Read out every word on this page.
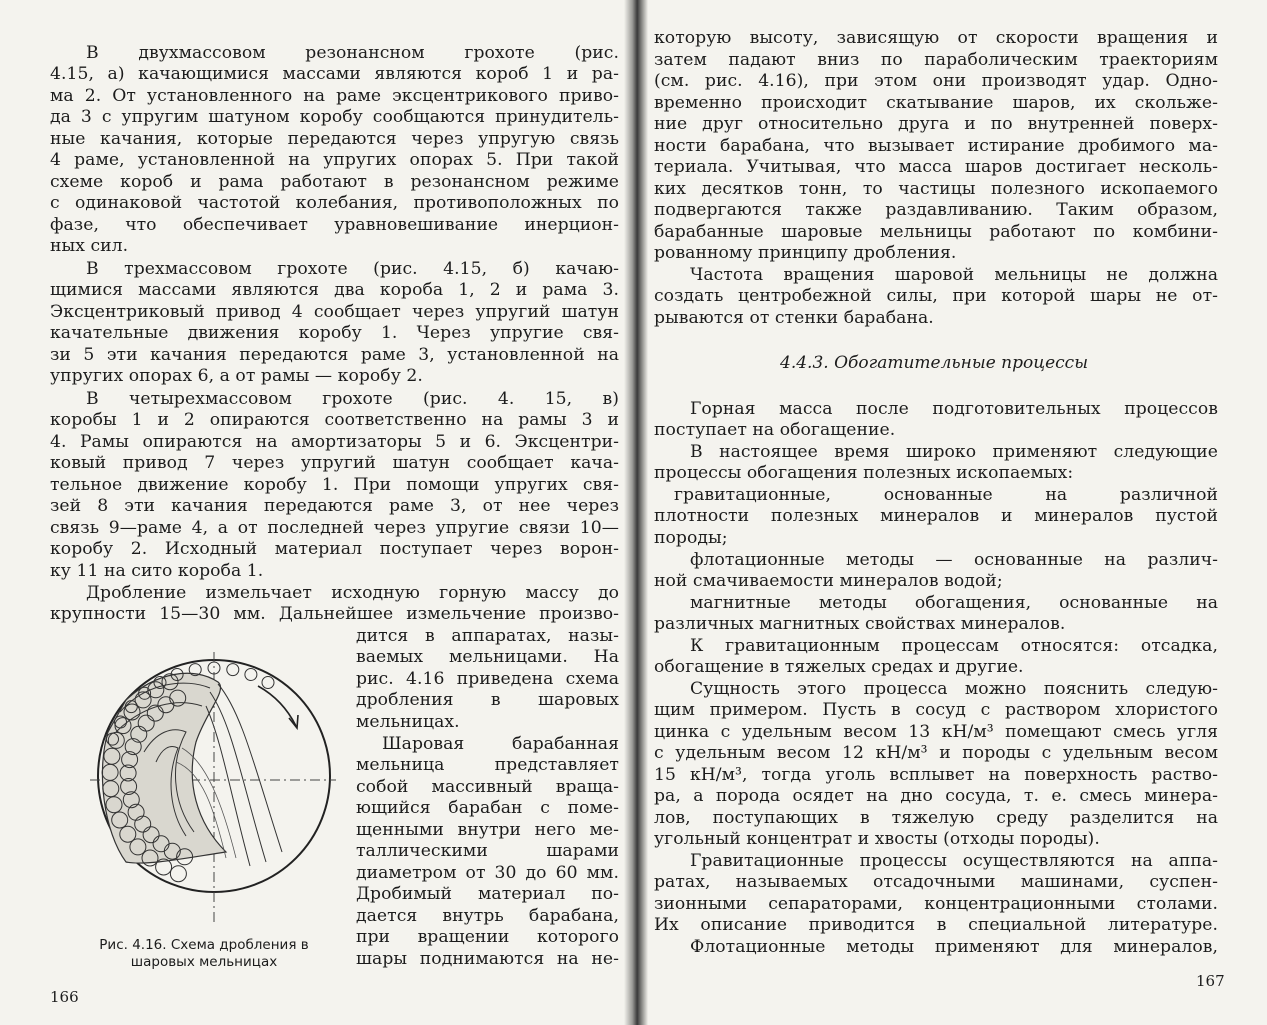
Рис. 4.16. Схема дробления в
шаровых мельницах
166
4.4.3. Обогатительные процессы
167
В двухмассовом резонансном грохоте (рис.
4.15, а) качающимися массами являются короб 1 и ра-
ма 2. От установленного на раме эксцентрикового приво-
да 3 с упругим шатуном коробу сообщаются принудитель-
ные качания, которые передаются через упругую связь
4 раме, установленной на упругих опорах 5. При такой
схеме короб и рама работают в резонансном режиме
с одинаковой частотой колебания, противоположных по
фазе, что обеспечивает уравновешивание инерцион-
ных сил.
В трехмассовом грохоте (рис. 4.15, б) качаю-
щимися массами являются два короба 1, 2 и рама 3.
Эксцентриковый привод 4 сообщает через упругий шатун
качательные движения коробу 1. Через упругие свя-
зи 5 эти качания передаются раме 3, установленной на
упругих опорах 6, а от рамы — коробу 2.
В четырехмассовом грохоте (рис. 4. 15, в)
коробы 1 и 2 опираются соответственно на рамы 3 и
4. Рамы опираются на амортизаторы 5 и 6. Эксцентри-
ковый привод 7 через упругий шатун сообщает кача-
тельное движение коробу 1. При помощи упругих свя-
зей 8 эти качания передаются раме 3, от нее через
связь 9—раме 4, а от последней через упругие связи 10—
коробу 2. Исходный материал поступает через ворон-
ку 11 на сито короба 1.
Дробление измельчает исходную горную массу до
крупности 15—30 мм. Дальнейшее измельчение произво-
дится в аппаратах, назы-
ваемых мельницами. На
рис. 4.16 приведена схема
дробления в шаровых
мельницах.
Шаровая барабанная
мельница представляет
собой массивный враща-
ющийся барабан с поме-
щенными внутри него ме-
таллическими шарами
диаметром от 30 до 60 мм.
Дробимый материал по-
дается внутрь барабана,
при вращении которого
шары поднимаются на не-
которую высоту, зависящую от скорости вращения и
затем падают вниз по параболическим траекториям
(см. рис. 4.16), при этом они производят удар. Одно-
временно происходит скатывание шаров, их скольже-
ние друг относительно друга и по внутренней поверх-
ности барабана, что вызывает истирание дробимого ма-
териала. Учитывая, что масса шаров достигает несколь-
ких десятков тонн, то частицы полезного ископаемого
подвергаются также раздавливанию. Таким образом,
барабанные шаровые мельницы работают по комбини-
рованному принципу дробления.
Частота вращения шаровой мельницы не должна
создать центробежной силы, при которой шары не от-
рываются от стенки барабана.
Горная масса после подготовительных процессов
поступает на обогащение.
В настоящее время широко применяют следующие
процессы обогащения полезных ископаемых:
гравитационные, основанные на различной
плотности полезных минералов и минералов пустой
породы;
флотационные методы — основанные на различ-
ной смачиваемости минералов водой;
магнитные методы обогащения, основанные на
различных магнитных свойствах минералов.
К гравитационным процессам относятся: отсадка,
обогащение в тяжелых средах и другие.
Сущность этого процесса можно пояснить следую-
щим примером. Пусть в сосуд с раствором хлористого
цинка с удельным весом 13 кН/м³ помещают смесь угля
с удельным весом 12 кН/м³ и породы с удельным весом
15 кН/м³, тогда уголь всплывет на поверхность раство-
ра, а порода осядет на дно сосуда, т. е. смесь минера-
лов, поступающих в тяжелую среду разделится на
угольный концентрат и хвосты (отходы породы).
Гравитационные процессы осуществляются на аппа-
ратах, называемых отсадочными машинами, суспен-
зионными сепараторами, концентрационными столами.
Их описание приводится в специальной литературе.
Флотационные методы применяют для минералов,
